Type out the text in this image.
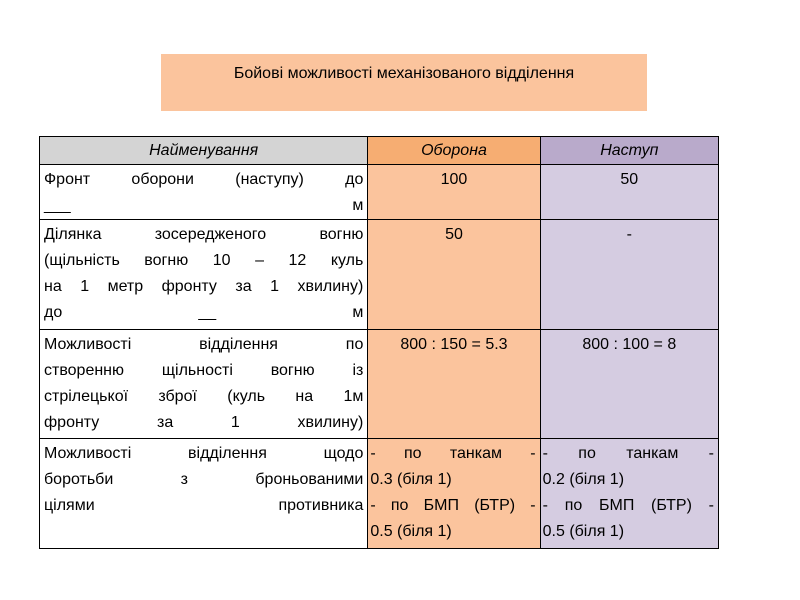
Бойові можливості механізованого відділення
Найменування	Оборона	Наступ

Фронт оборони (наступу) до
___ м	100	50

Ділянка зосередженого вогню
(щільність вогню 10 – 12 куль
на 1 метр фронту за 1 хвилину)
до __ м	50	-

Можливості відділення по
створенню щільності вогню із
стрілецької зброї (куль на 1м
фронту за 1 хвилину)	800 : 150 = 5.3	800 : 100 = 8

Можливості відділення щодо
боротьби з броньованими
цілями противника	- по танкам -
0.3 (біля 1)
- по БМП (БТР) -
0.5 (біля 1)	- по танкам -
0.2 (біля 1)
- по БМП (БТР) -
0.5 (біля 1)
